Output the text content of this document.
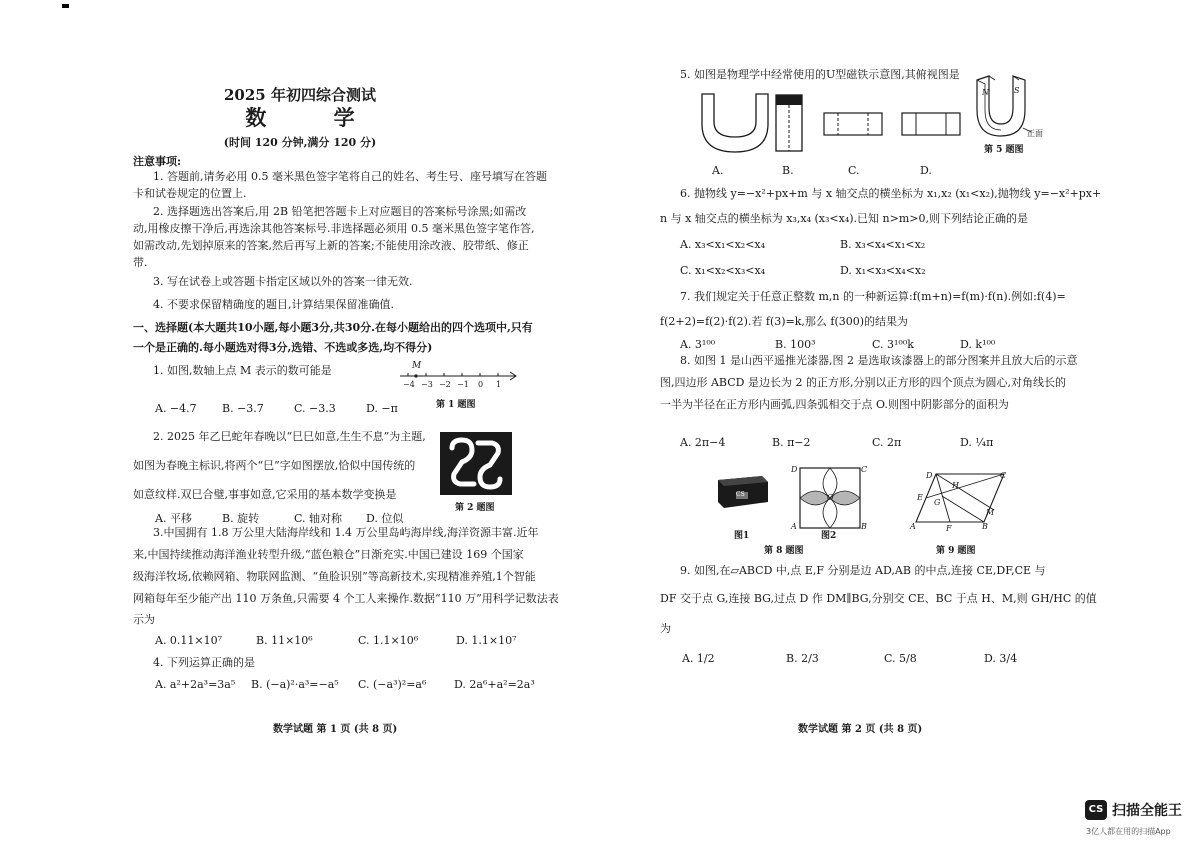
2025 年初四综合测试
数 学
(时间 120 分钟,满分 120 分)
注意事项:
1. 答题前,请务必用 0.5 毫米黑色签字笔将自己的姓名、考生号、座号填写在答题
卡和试卷规定的位置上.
2. 选择题选出答案后,用 2B 铅笔把答题卡上对应题目的答案标号涂黑;如需改
动,用橡皮擦干净后,再选涂其他答案标号.非选择题必须用 0.5 毫米黑色签字笔作答,
如需改动,先划掉原来的答案,然后再写上新的答案;不能使用涂改液、胶带纸、修正
带.
3. 写在试卷上或答题卡指定区域以外的答案一律无效.
4. 不要求保留精确度的题目,计算结果保留准确值.
一、选择题(本大题共10小题,每小题3分,共30分.在每小题给出的四个选项中,只有
一个是正确的.每小题选对得3分,选错、不选或多选,均不得分)
1. 如图,数轴上点 M 表示的数可能是	M
−4 −3 −2 −1 0 1
第 1 题图
A. −4.7 B. −3.7	C. −3.3	D. −π
2. 2025 年乙巳蛇年春晚以“巳巳如意,生生不息”为主题,
如图为春晚主标识,将两个“巳”字如图摆放,恰似中国传统的
如意纹样.双巳合璧,事事如意,它采用的基本数学变换是
第 2 题图
A. 平移	B. 旋转	C. 轴对称 D. 位似
3.中国拥有 1.8 万公里大陆海岸线和 1.4 万公里岛屿海岸线,海洋资源丰富.近年
来,中国持续推动海洋渔业转型升级,“蓝色粮仓”日渐充实.中国已建设 169 个国家
级海洋牧场,依赖网箱、物联网监测、“鱼脸识别”等高新技术,实现精准养殖,1个智能
网箱每年至少能产出 110 万条鱼,只需要 4 个工人来操作.数据“110 万”用科学记数法表
示为
A. 0.11×10⁷	B. 11×10⁶	C. 1.1×10⁶	D. 1.1×10⁷
4. 下列运算正确的是
A. a²+2a³=3a⁵ B. (−a)²·a³=−a⁵ C. (−a³)²=a⁶	D. 2a⁶+a²=2a³
数学试题 第 1 页 (共 8 页)
5. 如图是物理学中经常使用的U型磁铁示意图,其俯视图是
N	S
正面
第 5 题图
A.	B.	C.	D.
6. 抛物线 y=−x²+px+m 与 x 轴交点的横坐标为 x₁,x₂ (x₁<x₂),抛物线 y=−x²+px+
n 与 x 轴交点的横坐标为 x₃,x₄ (x₃<x₄).已知 n>m>0,则下列结论正确的是
A. x₃<x₁<x₂<x₄	B. x₃<x₄<x₁<x₂
C. x₁<x₂<x₃<x₄	D. x₁<x₃<x₄<x₂
7. 我们规定关于任意正整数 m,n 的一种新运算:f(m+n)=f(m)·f(n).例如:f(4)=
f(2+2)=f(2)·f(2).若 f(3)=k,那么 f(300)的结果为
A. 3¹⁰⁰	B. 100³	C. 3¹⁰⁰k	D. k¹⁰⁰
8. 如图 1 是山西平遥推光漆器,图 2 是选取该漆器上的部分图案并且放大后的示意
图,四边形 ABCD 是边长为 2 的正方形,分别以正方形的四个顶点为圆心,对角线长的
一半为半径在正方形内画弧,四条弧相交于点 O.则图中阴影部分的面积为
A. 2π−4	B. π−2	C. 2π	D. ¼π
CS
图1
D	C
A	B
O
图2
第 8 题图
D	C
H
E
G
M
A	F	B
第 9 题图
9. 如图,在▱ABCD 中,点 E,F 分别是边 AD,AB 的中点,连接 CE,DF,CE 与
DF 交于点 G,连接 BG,过点 D 作 DM∥BG,分别交 CE、BC 于点 H、M,则 GH/HC 的值
为
A. 1/2	B. 2/3	C. 5/8	D. 3/4
数学试题 第 2 页 (共 8 页)
CS 扫描全能王
3亿人都在用的扫描App
